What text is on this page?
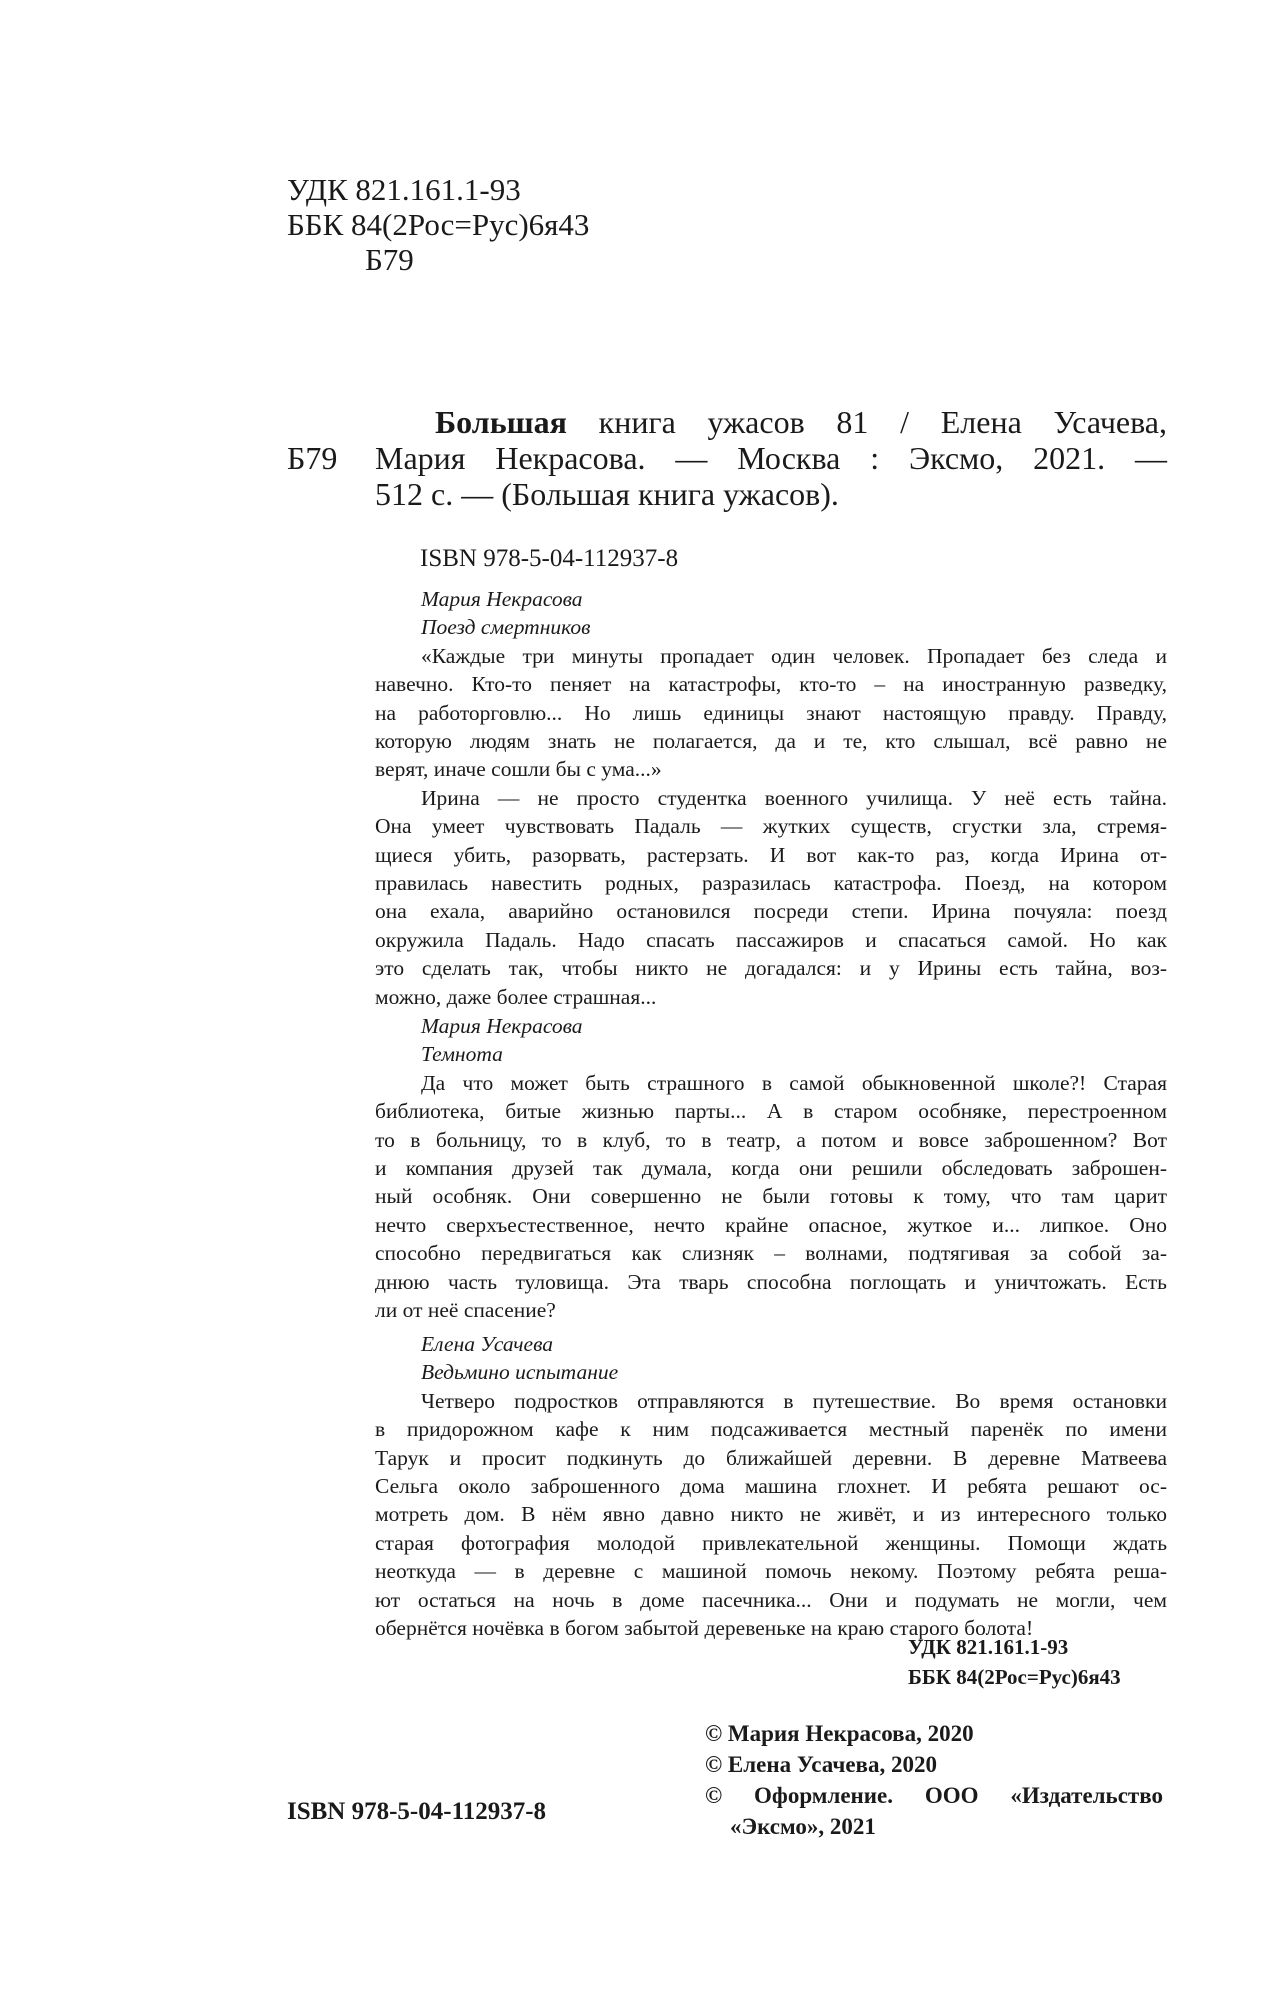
УДК 821.161.1-93
ББК 84(2Рос=Рус)6я43
Б79
Б79
Большая книга ужасов 81 / Елена Усачева,
Мария Некрасова. — Москва : Эксмо, 2021. —
512 с. — (Большая книга ужасов).
ISBN 978-5-04-112937-8
Мария Некрасова
Поезд смертников
«Каждые три минуты пропадает один человек. Пропадает без следа и
навечно. Кто-то пеняет на катастрофы, кто-то – на иностранную разведку,
на работорговлю... Но лишь единицы знают настоящую правду. Правду,
которую людям знать не полагается, да и те, кто слышал, всё равно не
верят, иначе сошли бы с ума...»
Ирина — не просто студентка военного училища. У неё есть тайна.
Она умеет чувствовать Падаль — жутких существ, сгустки зла, стремя-
щиеся убить, разорвать, растерзать. И вот как-то раз, когда Ирина от-
правилась навестить родных, разразилась катастрофа. Поезд, на котором
она ехала, аварийно остановился посреди степи. Ирина почуяла: поезд
окружила Падаль. Надо спасать пассажиров и спасаться самой. Но как
это сделать так, чтобы никто не догадался: и у Ирины есть тайна, воз-
можно, даже более страшная...
Мария Некрасова
Темнота
Да что может быть страшного в самой обыкновенной школе?! Старая
библиотека, битые жизнью парты... А в старом особняке, перестроенном
то в больницу, то в клуб, то в театр, а потом и вовсе заброшенном? Вот
и компания друзей так думала, когда они решили обследовать заброшен-
ный особняк. Они совершенно не были готовы к тому, что там царит
нечто сверхъестественное, нечто крайне опасное, жуткое и... липкое. Оно
способно передвигаться как слизняк – волнами, подтягивая за собой за-
днюю часть туловища. Эта тварь способна поглощать и уничтожать. Есть
ли от неё спасение?
Елена Усачева
Ведьмино испытание
Четверо подростков отправляются в путешествие. Во время остановки
в придорожном кафе к ним подсаживается местный паренёк по имени
Тарук и просит подкинуть до ближайшей деревни. В деревне Матвеева
Сельга около заброшенного дома машина глохнет. И ребята решают ос-
мотреть дом. В нём явно давно никто не живёт, и из интересного только
старая фотография молодой привлекательной женщины. Помощи ждать
неоткуда — в деревне с машиной помочь некому. Поэтому ребята реша-
ют остаться на ночь в доме пасечника... Они и подумать не могли, чем
обернётся ночёвка в богом забытой деревеньке на краю старого болота!
УДК 821.161.1-93
ББК 84(2Рос=Рус)6я43
© Мария Некрасова, 2020
© Елена Усачева, 2020
© Оформление. ООО «Издательство
«Эксмо», 2021
ISBN 978-5-04-112937-8
